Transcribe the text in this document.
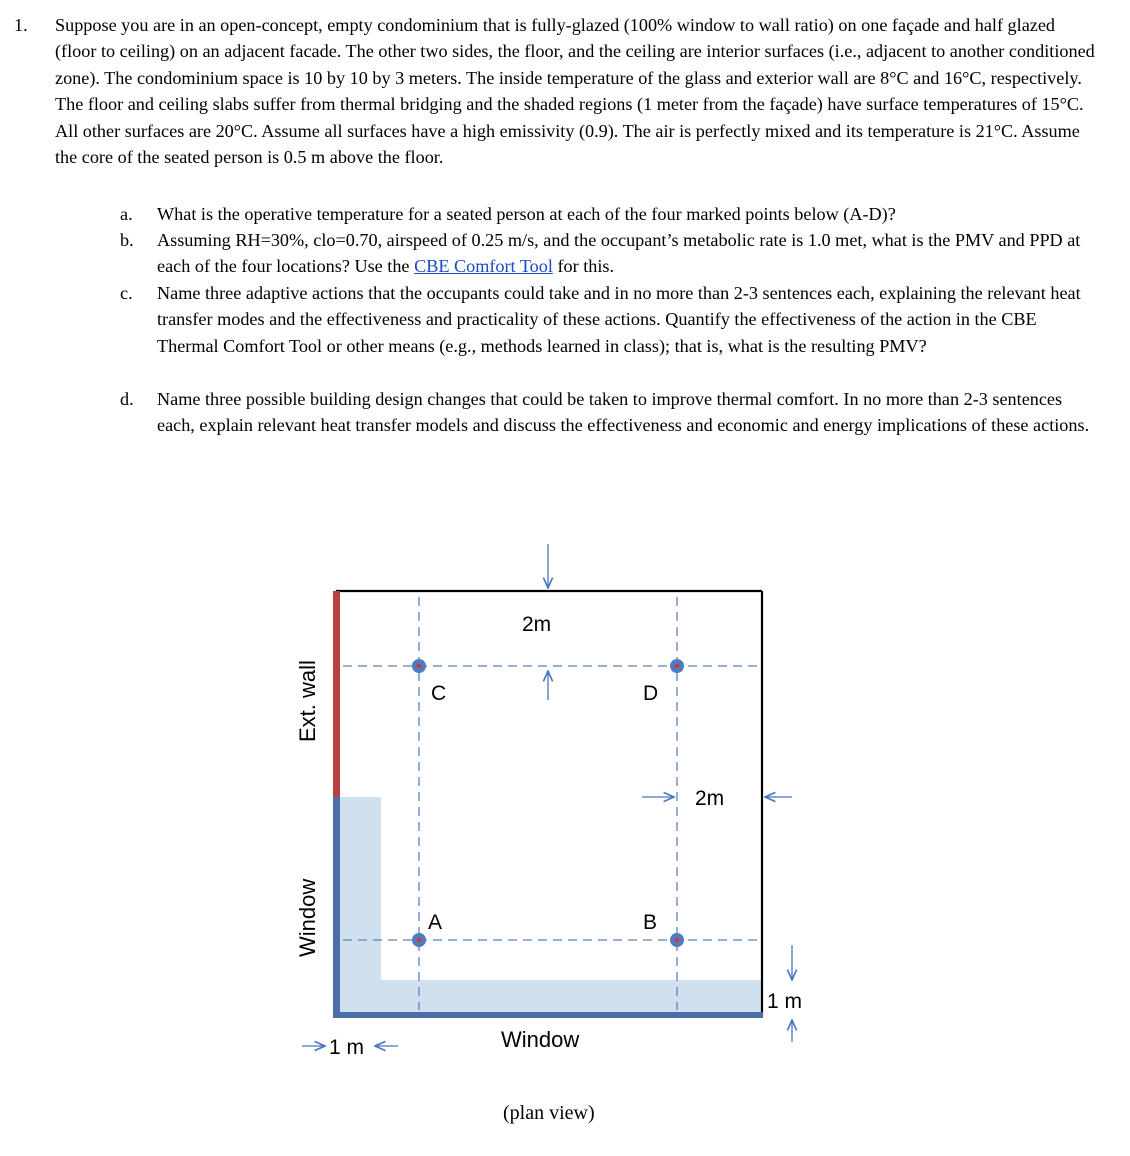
1. Suppose you are in an open-concept, empty condominium that is fully-glazed (100% window to wall ratio) on one façade and half glazed (floor to ceiling) on an adjacent facade. The other two sides, the floor, and the ceiling are interior surfaces (i.e., adjacent to another conditioned zone). The condominium space is 10 by 10 by 3 meters. The inside temperature of the glass and exterior wall are 8°C and 16°C, respectively. The floor and ceiling slabs suffer from thermal bridging and the shaded regions (1 meter from the façade) have surface temperatures of 15°C. All other surfaces are 20°C. Assume all surfaces have a high emissivity (0.9). The air is perfectly mixed and its temperature is 21°C. Assume the core of the seated person is 0.5 m above the floor.
a. What is the operative temperature for a seated person at each of the four marked points below (A-D)?
b. Assuming RH=30%, clo=0.70, airspeed of 0.25 m/s, and the occupant’s metabolic rate is 1.0 met, what is the PMV and PPD at each of the four locations? Use the CBE Comfort Tool for this.
c. Name three adaptive actions that the occupants could take and in no more than 2-3 sentences each, explaining the relevant heat transfer modes and the effectiveness and practicality of these actions. Quantify the effectiveness of the action in the CBE Thermal Comfort Tool or other means (e.g., methods learned in class); that is, what is the resulting PMV?
d. Name three possible building design changes that could be taken to improve thermal comfort. In no more than 2-3 sentences each, explain relevant heat transfer models and discuss the effectiveness and economic and energy implications of these actions.
C	D
A	B
2m
2m
1 m
1 m
Ext. wall
Window
Window
(plan view)
